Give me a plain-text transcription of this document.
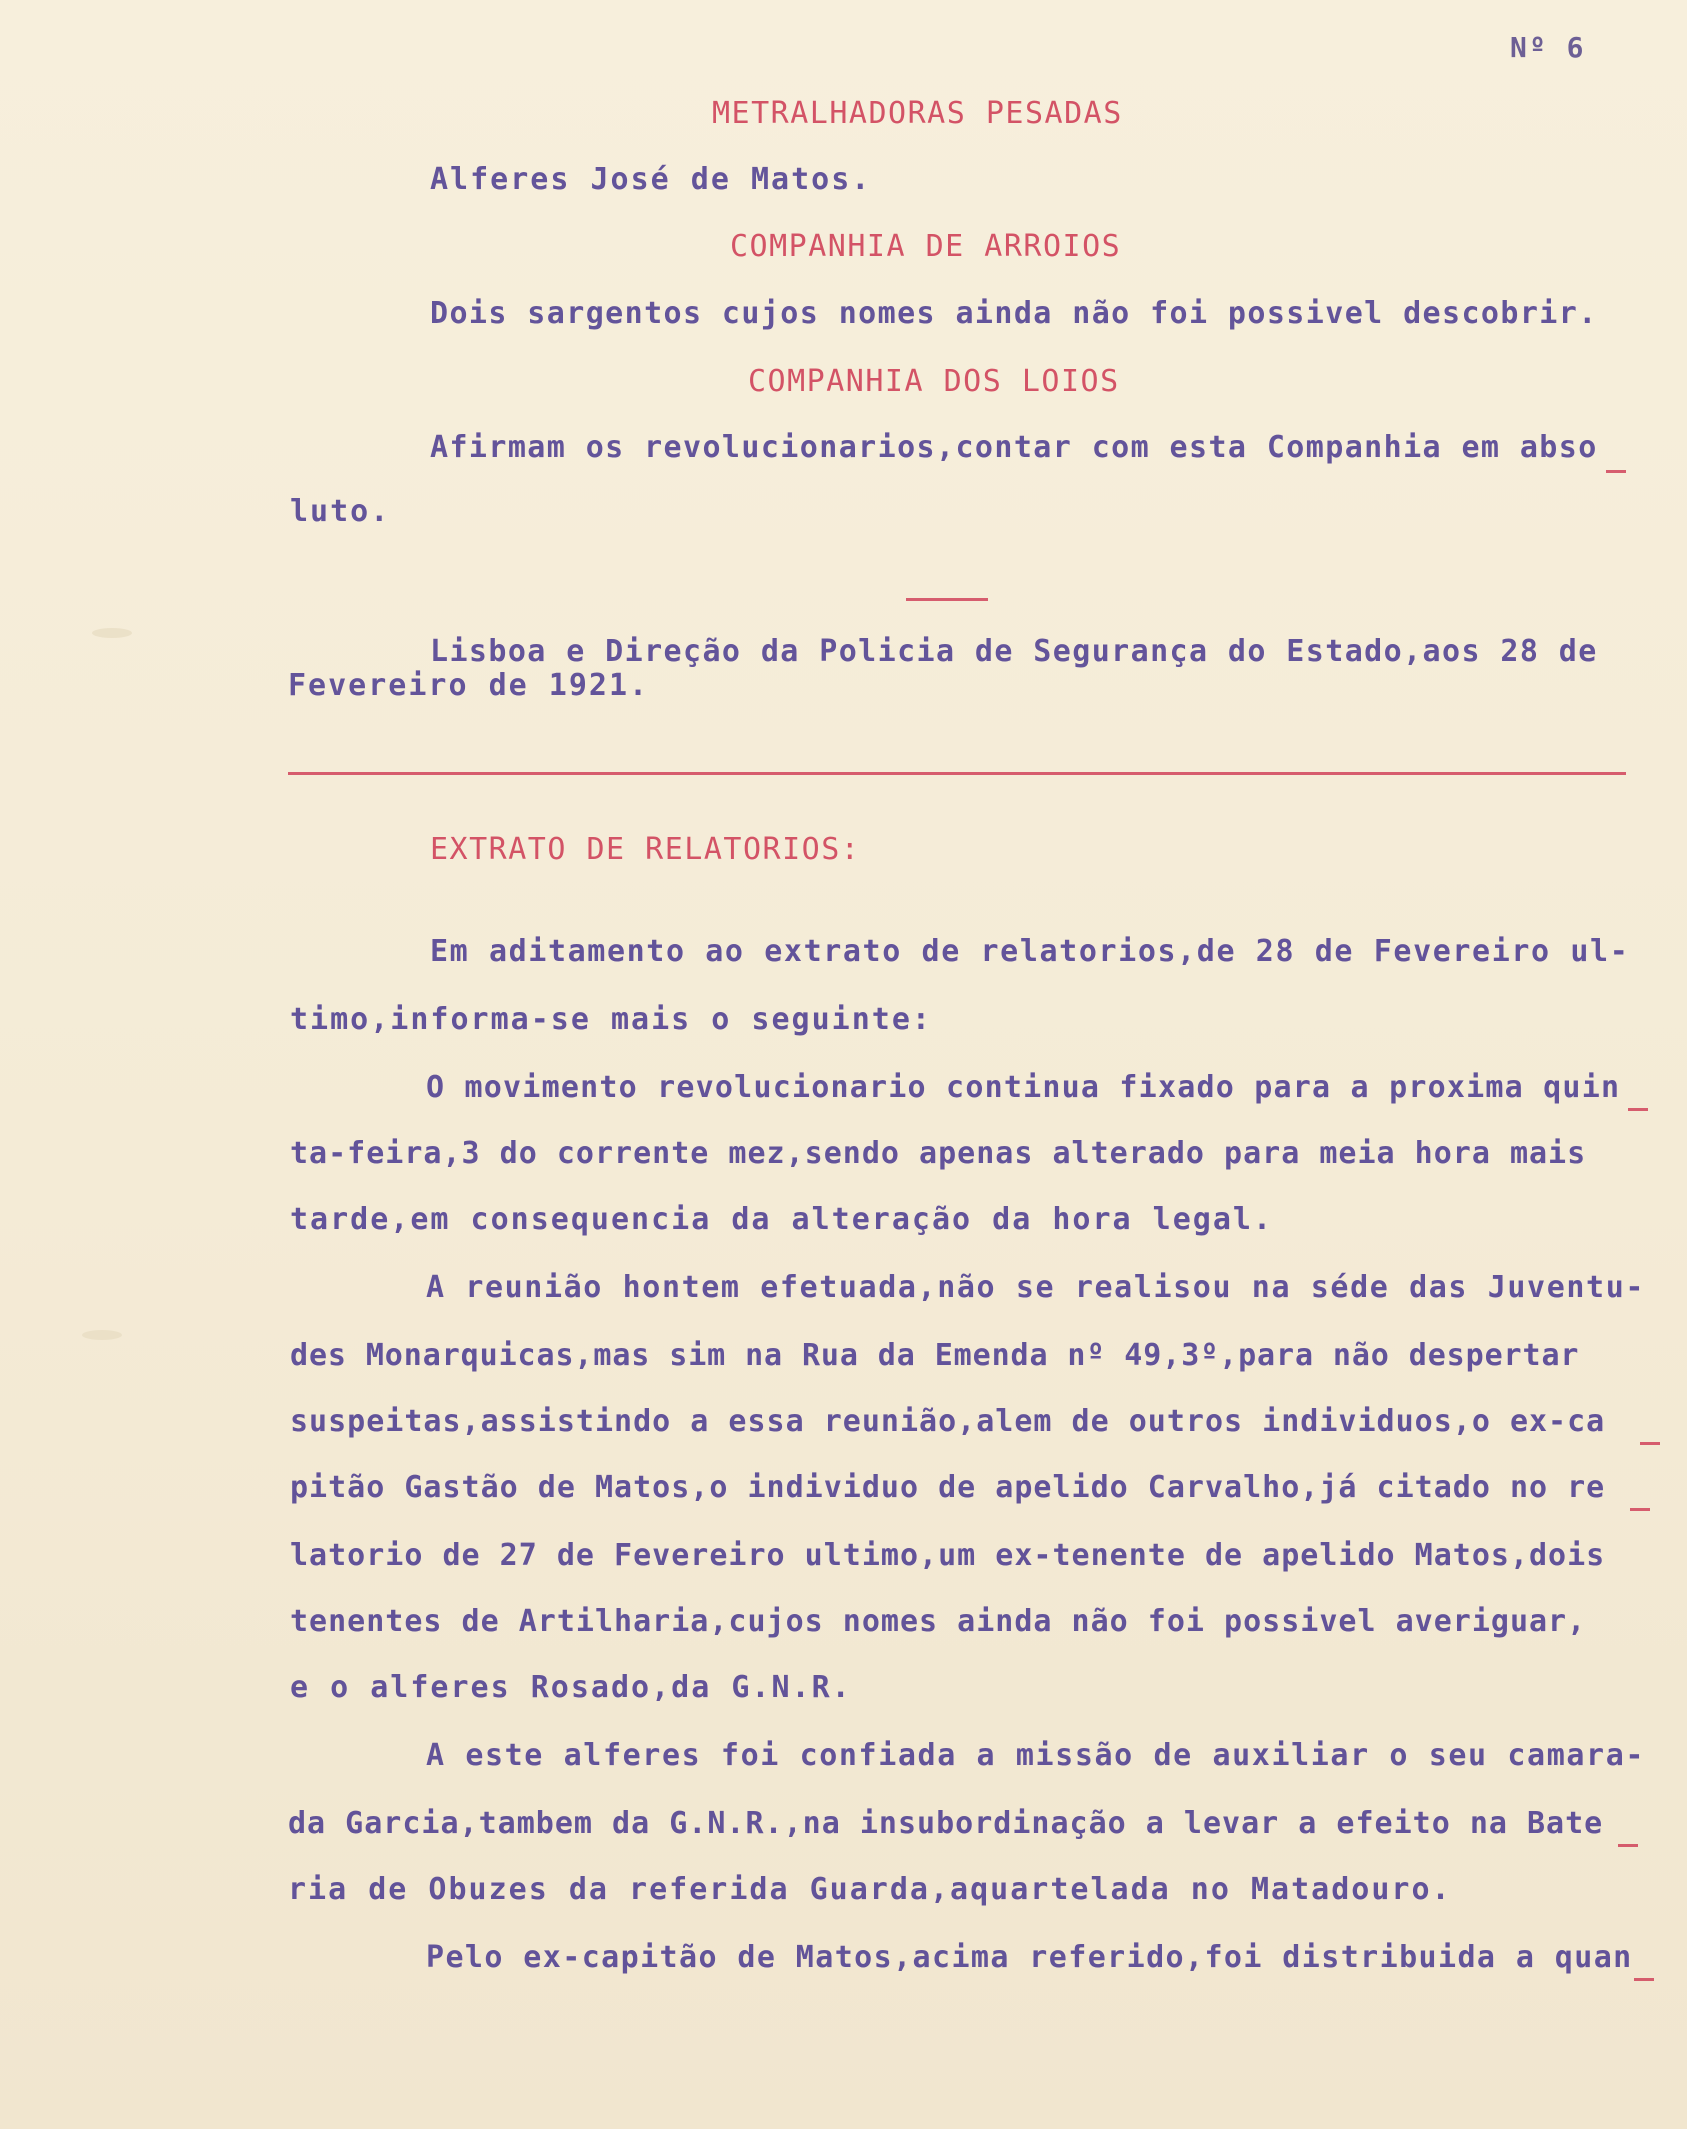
Nº 6
METRALHADORAS PESADAS
Alferes José de Matos.
COMPANHIA DE ARROIOS
Dois sargentos cujos nomes ainda não foi possivel descobrir.
COMPANHIA DOS LOIOS
Afirmam os revolucionarios,contar com esta Companhia em abso
luto.
Lisboa e Direção da Policia de Segurança do Estado,aos 28 de
Fevereiro de 1921.
EXTRATO DE RELATORIOS:
Em aditamento ao extrato de relatorios,de 28 de Fevereiro ul-
timo,informa-se mais o seguinte:
O movimento revolucionario continua fixado para a proxima quin
ta-feira,3 do corrente mez,sendo apenas alterado para meia hora mais
tarde,em consequencia da alteração da hora legal.
A reunião hontem efetuada,não se realisou na séde das Juventu-
des Monarquicas,mas sim na Rua da Emenda nº 49,3º,para não despertar
suspeitas,assistindo a essa reunião,alem de outros individuos,o ex-ca
pitão Gastão de Matos,o individuo de apelido Carvalho,já citado no re
latorio de 27 de Fevereiro ultimo,um ex-tenente de apelido Matos,dois
tenentes de Artilharia,cujos nomes ainda não foi possivel averiguar,
e o alferes Rosado,da G.N.R.
A este alferes foi confiada a missão de auxiliar o seu camara-
da Garcia,tambem da G.N.R.,na insubordinação a levar a efeito na Bate
ria de Obuzes da referida Guarda,aquartelada no Matadouro.
Pelo ex-capitão de Matos,acima referido,foi distribuida a quan
